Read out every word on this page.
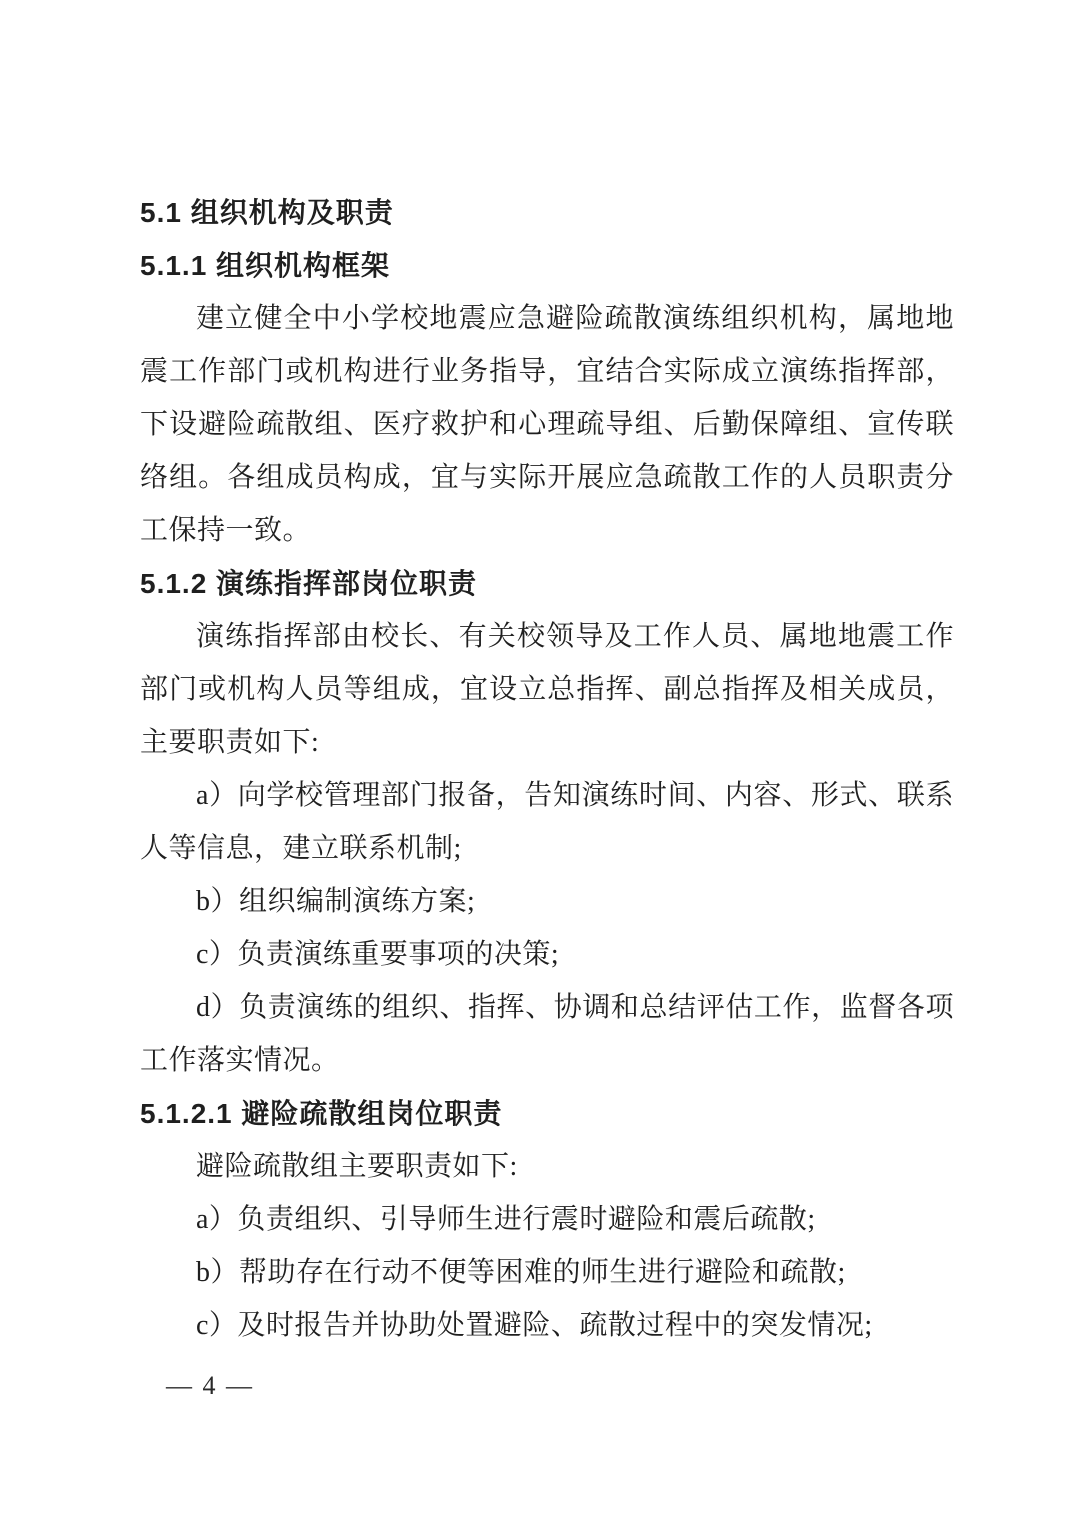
5.1 组织机构及职责
5.1.1 组织机构框架
建立健全中小学校地震应急避险疏散演练组织机构，属地地震工作部门或机构进行业务指导，宜结合实际成立演练指挥部，下设避险疏散组、医疗救护和心理疏导组、后勤保障组、宣传联络组。各组成员构成，宜与实际开展应急疏散工作的人员职责分工保持一致。
5.1.2 演练指挥部岗位职责
演练指挥部由校长、有关校领导及工作人员、属地地震工作部门或机构人员等组成，宜设立总指挥、副总指挥及相关成员，主要职责如下:
a）向学校管理部门报备，告知演练时间、内容、形式、联系人等信息，建立联系机制;
b）组织编制演练方案;
c）负责演练重要事项的决策;
d）负责演练的组织、指挥、协调和总结评估工作，监督各项工作落实情况。
5.1.2.1 避险疏散组岗位职责
避险疏散组主要职责如下:
a）负责组织、引导师生进行震时避险和震后疏散;
b）帮助存在行动不便等困难的师生进行避险和疏散;
c）及时报告并协助处置避险、疏散过程中的突发情况;
— 4 —
